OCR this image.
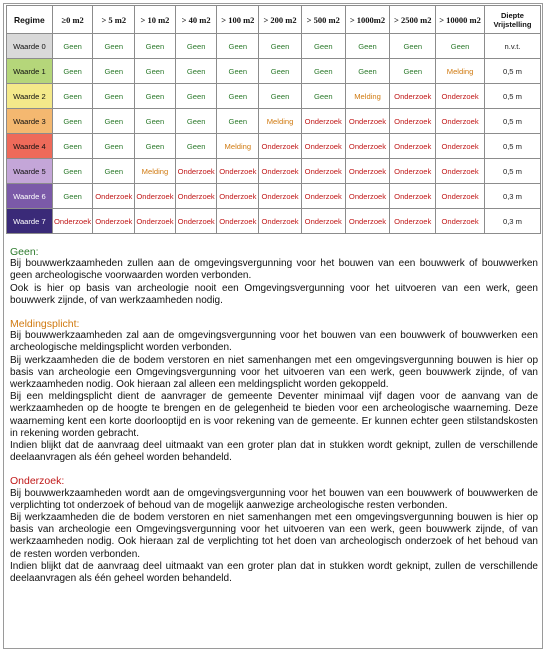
Regime	≥0 m2	> 5 m2	> 10 m2	> 40 m2	> 100 m2	> 200 m2	> 500 m2	> 1000m2	> 2500 m2	> 10000 m2	Diepte Vrijstelling
Waarde 0	Geen	Geen	Geen	Geen	Geen	Geen	Geen	Geen	Geen	Geen	n.v.t.
Waarde 1	Geen	Geen	Geen	Geen	Geen	Geen	Geen	Geen	Geen	Melding	0,5 m
Waarde 2	Geen	Geen	Geen	Geen	Geen	Geen	Geen	Melding	Onderzoek	Onderzoek	0,5 m
Waarde 3	Geen	Geen	Geen	Geen	Geen	Melding	Onderzoek	Onderzoek	Onderzoek	Onderzoek	0,5 m
Waarde 4	Geen	Geen	Geen	Geen	Melding	Onderzoek	Onderzoek	Onderzoek	Onderzoek	Onderzoek	0,5 m
Waarde 5	Geen	Geen	Melding	Onderzoek	Onderzoek	Onderzoek	Onderzoek	Onderzoek	Onderzoek	Onderzoek	0,5 m
Waarde 6	Geen	Onderzoek	Onderzoek	Onderzoek	Onderzoek	Onderzoek	Onderzoek	Onderzoek	Onderzoek	Onderzoek	0,3 m
Waarde 7	Onderzoek	Onderzoek	Onderzoek	Onderzoek	Onderzoek	Onderzoek	Onderzoek	Onderzoek	Onderzoek	Onderzoek	0,3 m

Geen:

Bij bouwwerkzaamheden zullen aan de omgevingsvergunning voor het bouwen van een bouwwerk of bouwwerken geen archeologische voorwaarden worden verbonden.

Ook is hier op basis van archeologie nooit een Omgevingsvergunning voor het uitvoeren van een werk, geen bouwwerk zijnde, of van werkzaamheden nodig.

Meldingsplicht:

Bij bouwwerkzaamheden zal aan de omgevingsvergunning voor het bouwen van een bouwwerk of bouwwerken een archeologische meldingsplicht worden verbonden.

Bij werkzaamheden die de bodem verstoren en niet samenhangen met een omgevingsvergunning bouwen is hier op basis van archeologie een Omgevingsvergunning voor het uitvoeren van een werk, geen bouwwerk zijnde, of van werkzaamheden nodig. Ook hieraan zal alleen een meldingsplicht worden gekoppeld.

Bij een meldingsplicht dient de aanvrager de gemeente Deventer minimaal vijf dagen voor de aanvang van de werkzaamheden op de hoogte te brengen en de gelegenheid te bieden voor een archeologische waarneming. Deze waarneming kent een korte doorlooptijd en is voor rekening van de gemeente. Er kunnen echter geen stilstandskosten in rekening worden gebracht.

Indien blijkt dat de aanvraag deel uitmaakt van een groter plan dat in stukken wordt geknipt, zullen de verschillende deelaanvragen als één geheel worden behandeld.

Onderzoek:

Bij bouwwerkzaamheden wordt aan de omgevingsvergunning voor het bouwen van een bouwwerk of bouwwerken de verplichting tot onderzoek of behoud van de mogelijk aanwezige archeologische resten verbonden.

Bij werkzaamheden die de bodem verstoren en niet samenhangen met een omgevingsvergunning bouwen is hier op basis van archeologie een Omgevingsvergunning voor het uitvoeren van een werk, geen bouwwerk zijnde, of van werkzaamheden nodig. Ook hieraan zal de verplichting tot het doen van archeologisch onderzoek of het behoud van de resten worden verbonden.

Indien blijkt dat de aanvraag deel uitmaakt van een groter plan dat in stukken wordt geknipt, zullen de verschillende deelaanvragen als één geheel worden behandeld.
